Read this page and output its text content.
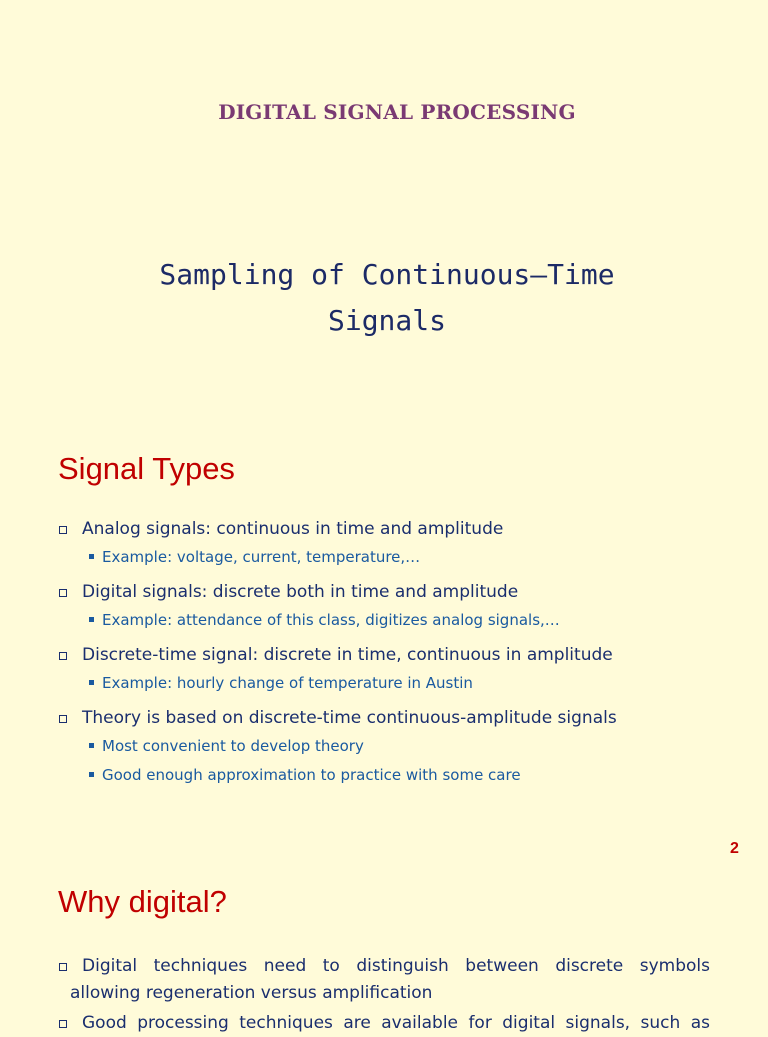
DIGITAL SIGNAL PROCESSING
Sampling of Continuous–Time
Signals
Signal Types
Analog signals: continuous in time and amplitude
Example: voltage, current, temperature,…
Digital signals: discrete both in time and amplitude
Example: attendance of this class, digitizes analog signals,…
Discrete-time signal: discrete in time, continuous in amplitude
Example: hourly change of temperature in Austin
Theory is based on discrete-time continuous-amplitude signals
Most convenient to develop theory
Good enough approximation to practice with some care
2
Why digital?
Digital techniques need to distinguish between discrete symbols
allowing regeneration versus amplification
Good processing techniques are available for digital signals, such as
